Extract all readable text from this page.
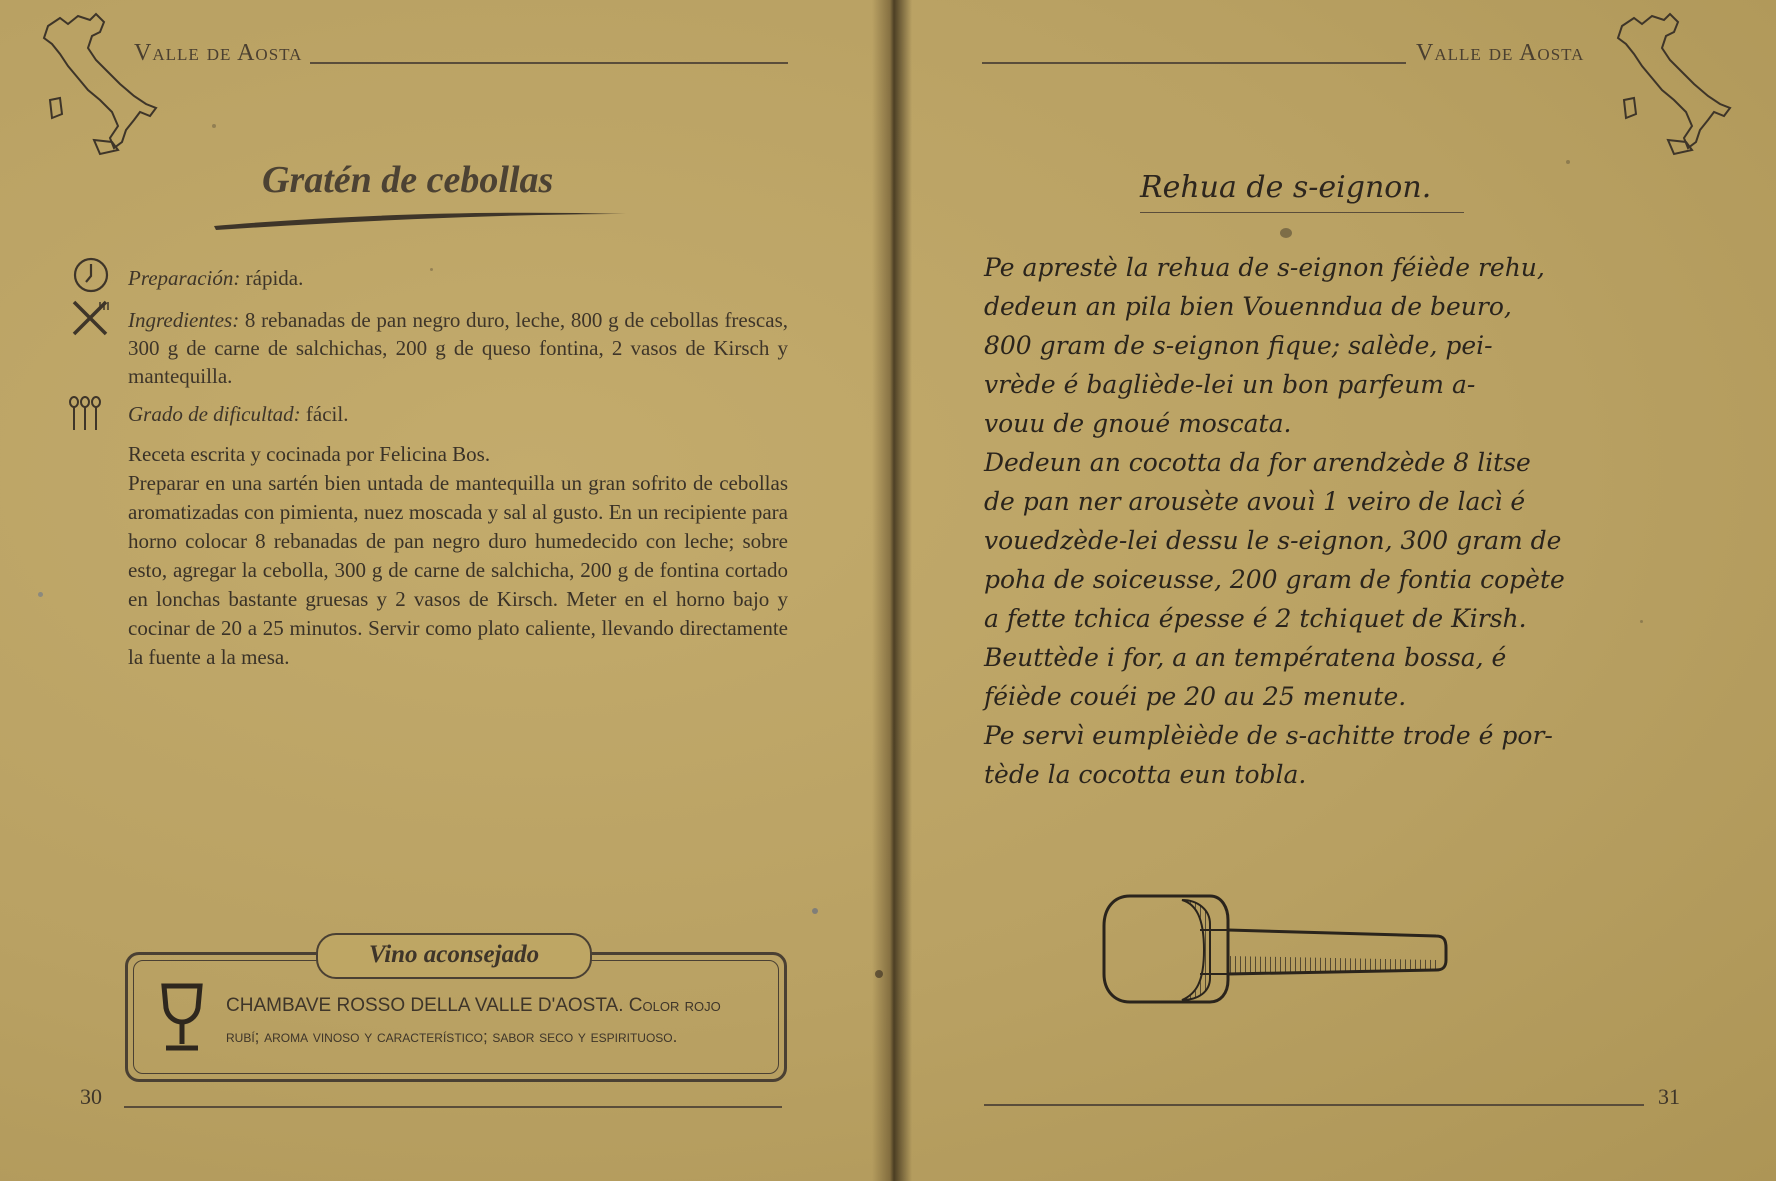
Valle de Aosta
Gratén de cebollas
Preparación: rápida.
Ingredientes: 8 rebanadas de pan negro duro, leche, 800 g de cebollas frescas, 300 g de carne de salchichas, 200 g de queso fontina, 2 vasos de Kirsch y mantequilla.
Grado de dificultad: fácil.

Receta escrita y cocinada por Felicina Bos.

Preparar en una sartén bien untada de mantequilla un gran sofrito de cebollas aromatizadas con pimienta, nuez moscada y sal al gusto. En un recipiente para horno colocar 8 rebanadas de pan negro duro humedecido con leche; sobre esto, agregar la cebolla, 300 g de carne de salchicha, 200 g de fontina cortado en lonchas bastante gruesas y 2 vasos de Kirsch. Meter en el horno bajo y cocinar de 20 a 25 minutos. Servir como plato caliente, llevando directamente la fuente a la mesa.

Vino aconsejado
CHAMBAVE ROSSO DELLA VALLE D'AOSTA. Color rojo
rubí; aroma vinoso y característico; sabor seco y espirituoso.
30
Valle de Aosta
Rehua de s-eignon.

Pe aprestè la rehua de s-eignon féiède rehu,

dedeun an pila bien Vouenndua de beuro,

800 gram de s-eignon fique; salède, pei-

vrède é bagliède-lei un bon parfeum a-

vouu de gnoué moscata.

Dedeun an cocotta da for arendzède 8 litse

de pan ner arousète avouì 1 veiro de lacì é

vouedzède-lei dessu le s-eignon, 300 gram de

poha de soiceusse, 200 gram de fontia copète

a fette tchica épesse é 2 tchiquet de Kirsh.

Beuttède i for, a an températena bossa, é

féiède couéi pe 20 au 25 menute.

Pe servì eumplèiède de s-achitte trode é por-

tède la cocotta eun tobla.

31
